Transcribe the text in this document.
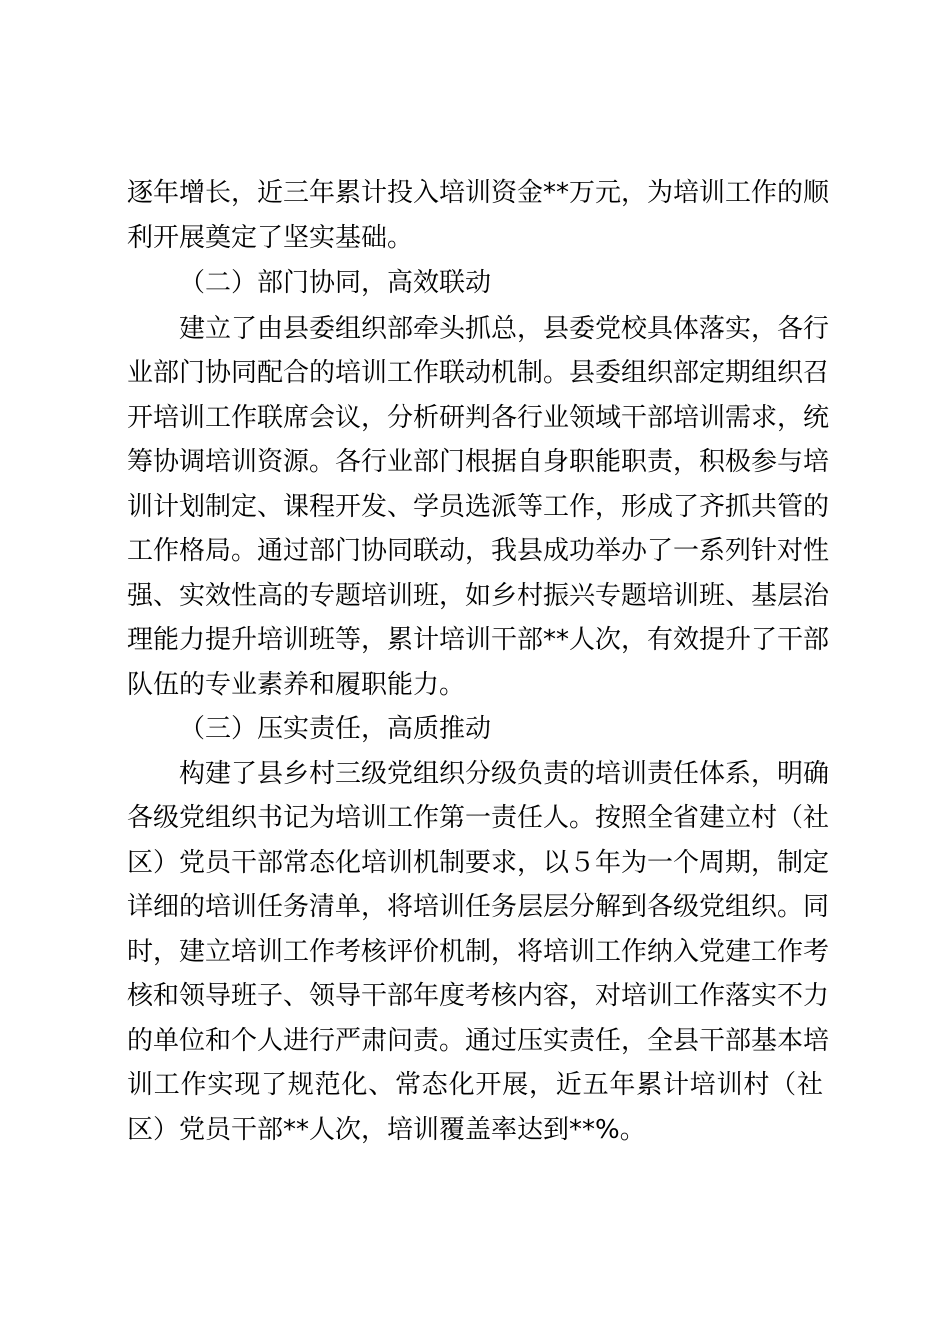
逐年增长，近三年累计投入培训资金**万元，为培训工作的顺
利开展奠定了坚实基础。
（二）部门协同，高效联动
建立了由县委组织部牵头抓总，县委党校具体落实，各行
业部门协同配合的培训工作联动机制。县委组织部定期组织召
开培训工作联席会议，分析研判各行业领域干部培训需求，统
筹协调培训资源。各行业部门根据自身职能职责，积极参与培
训计划制定、课程开发、学员选派等工作，形成了齐抓共管的
工作格局。通过部门协同联动，我县成功举办了一系列针对性
强、实效性高的专题培训班，如乡村振兴专题培训班、基层治
理能力提升培训班等，累计培训干部**人次，有效提升了干部
队伍的专业素养和履职能力。
（三）压实责任，高质推动
构建了县乡村三级党组织分级负责的培训责任体系，明确
各级党组织书记为培训工作第一责任人。按照全省建立村（社
区）党员干部常态化培训机制要求，以５年为一个周期，制定
详细的培训任务清单，将培训任务层层分解到各级党组织。同
时，建立培训工作考核评价机制，将培训工作纳入党建工作考
核和领导班子、领导干部年度考核内容，对培训工作落实不力
的单位和个人进行严肃问责。通过压实责任，全县干部基本培
训工作实现了规范化、常态化开展，近五年累计培训村（社
区）党员干部**人次，培训覆盖率达到**%。
